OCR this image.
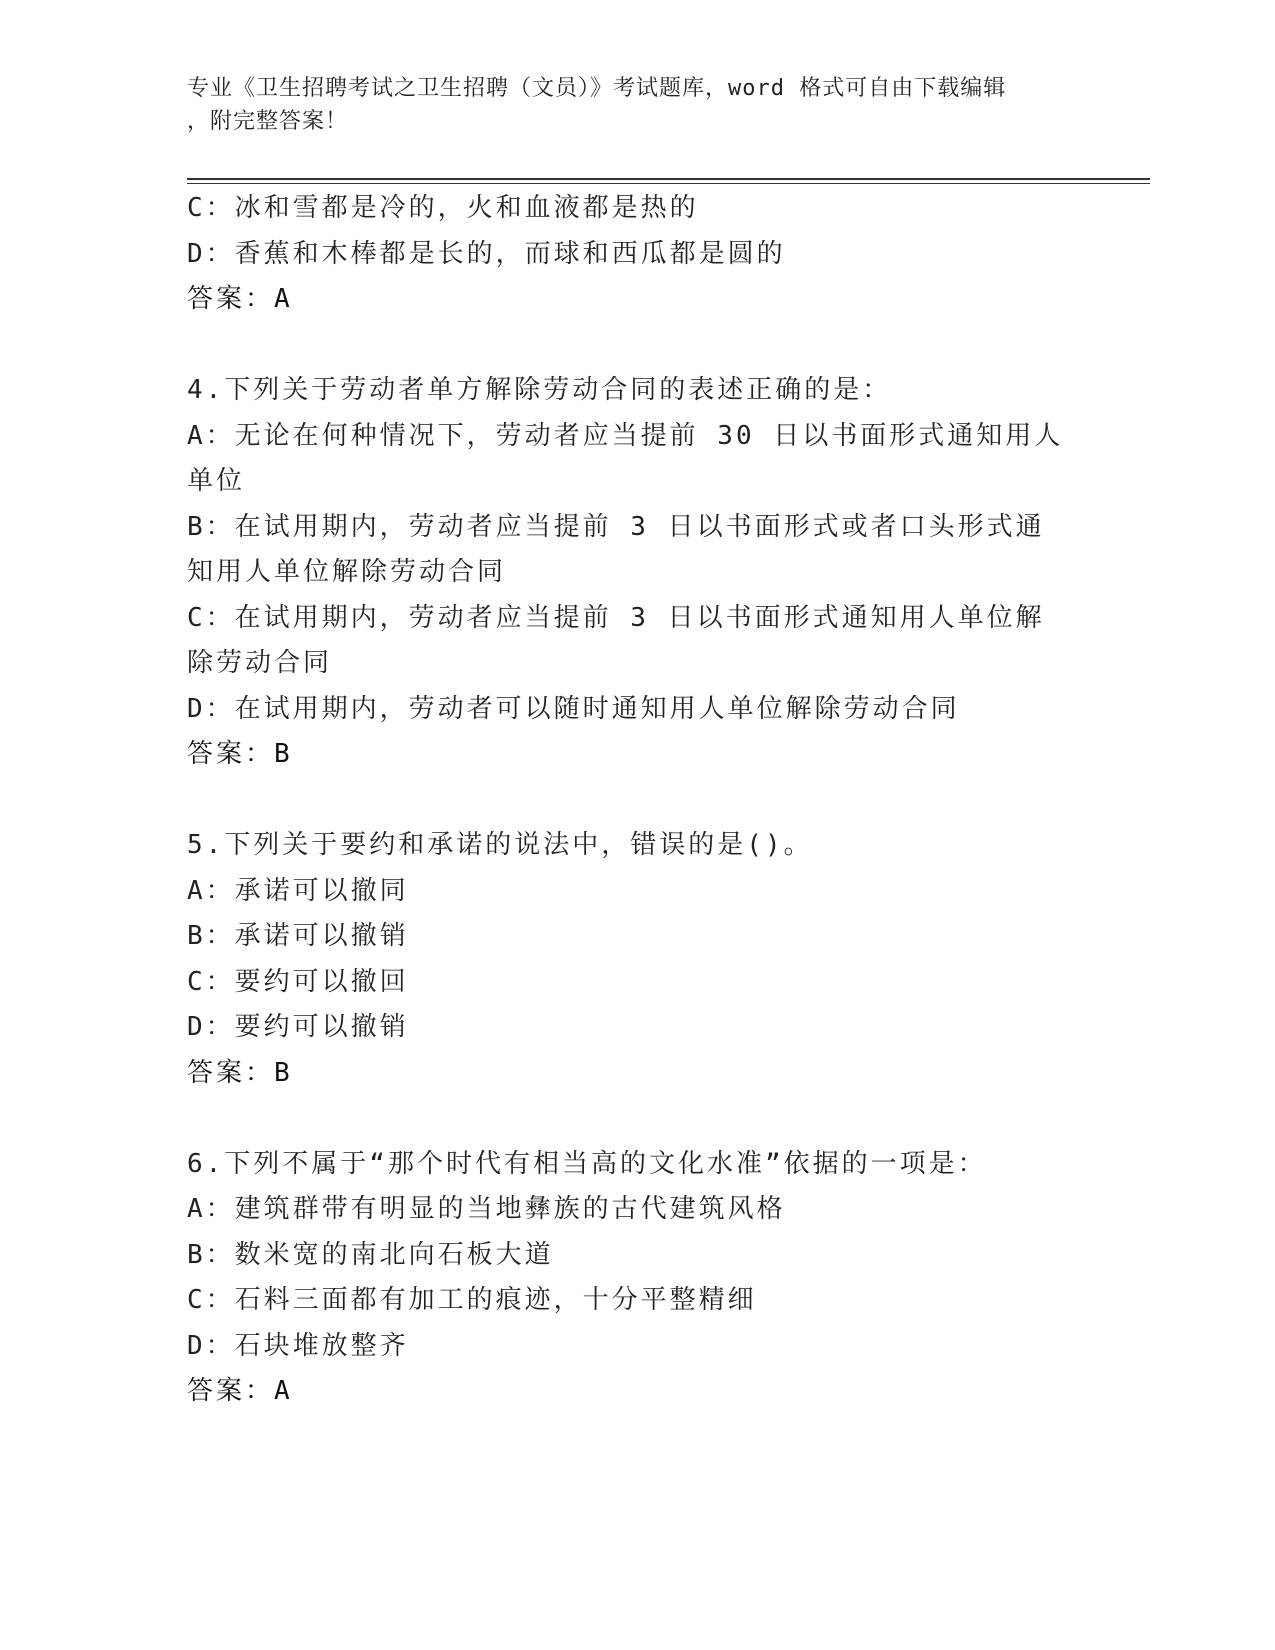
专业《卫生招聘考试之卫生招聘（文员）》考试题库，word 格式可自由下载编辑
，附完整答案！
C：冰和雪都是冷的，火和血液都是热的
D：香蕉和木棒都是长的，而球和西瓜都是圆的
答案：A
4.下列关于劳动者单方解除劳动合同的表述正确的是：
A：无论在何种情况下，劳动者应当提前 30 日以书面形式通知用人单位
B：在试用期内，劳动者应当提前 3 日以书面形式或者口头形式通知用人单位解除劳动合同
C：在试用期内，劳动者应当提前 3 日以书面形式通知用人单位解除劳动合同
D：在试用期内，劳动者可以随时通知用人单位解除劳动合同
答案：B
5.下列关于要约和承诺的说法中，错误的是()。
A：承诺可以撤同
B：承诺可以撤销
C：要约可以撤回
D：要约可以撤销
答案：B
6.下列不属于“那个时代有相当高的文化水准”依据的一项是：
A：建筑群带有明显的当地彝族的古代建筑风格
B：数米宽的南北向石板大道
C：石料三面都有加工的痕迹，十分平整精细
D：石块堆放整齐
答案：A
